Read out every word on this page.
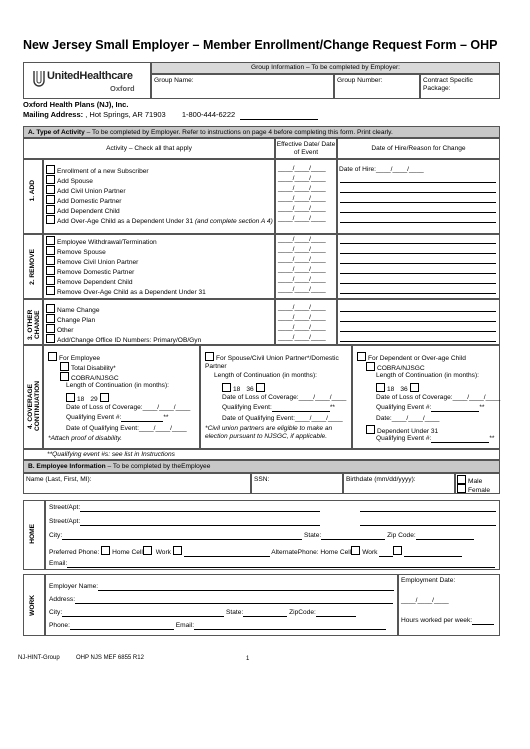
New Jersey Small Employer – Member Enrollment/Change Request Form – OHP
UnitedHealthcare
Oxford
Group Information – To be completed by Employer:
Group Name:	Group Number:	Contract Specific Package:
Oxford Health Plans (NJ), Inc.
Mailing Address: , Hot Springs, AR 71903 1-800-444-6222
A. Type of Activity – To be completed by Employer. Refer to instructions on page 4 before completing this form. Print clearly.
Activity – Check all that apply
Effective Date/ Date of Event
Date of Hire/Reason for Change
1. ADD
Enrollment of a new Subscriber	____/____/____
Add Spouse	____/____/____
Add Civil Union Partner	____/____/____
Add Domestic Partner	____/____/____
Add Dependent Child	____/____/____
Add Over-Age Child as a Dependent Under 31 (and complete section A 4) ____/____/____
Date of Hire:____/____/____
2. REMOVE
Employee Withdrawal/Termination	____/____/____
Remove Spouse	____/____/____
Remove Civil Union Partner	____/____/____
Remove Domestic Partner	____/____/____
Remove Dependent Child	____/____/____
Remove Over-Age Child as a Dependent Under 31	____/____/____
3. OTHER CHANGE	Name Change	____/____/____
Change Plan	____/____/____
Other	____/____/____
Add/Change Office ID Numbers: Primary/OB/Gyn	____/____/____
4. COVERAGE CONTINUATION
For Employee
Total Disability*
COBRA/NJSGC
Length of Continuation (in months):
18 29
Date of Loss of Coverage:____/____/____
Qualifying Event #:	**
Date of Qualifying Event:____/____/____
*Attach proof of disability.
For Spouse/Civil Union Partner*/Domestic Partner
Length of Continuation (in months):
18 36
Date of Loss of Coverage:____/____/____
Qualifying Event:	**
Date of Qualifying Event:____/____/____
*Civil union partners are eligible to make an election pursuant to NJSGC, if applicable.
For Dependent or Over-age Child
COBRA/NJSGC
Length of Continuation (in months):
18 36
Date of Loss of Coverage:____/____/____
Qualifying Event #:	**
Date:____/____/____
Dependent Under 31
Qualifying Event #:	**
**Qualifying event #s: see list in Instructions
B. Employee Information – To be completed by theEmployee
Name (Last, First, MI):	SSN:	Birthdate (mm/dd/yyyy):	Male
Female
HOME
Street/Apt:
Street/Apt:
City:	State:	Zip Code:
Preferred Phone: Home Cell Work	AlternatePhone: Home Cell Work
Email:
WORK
Employer Name:
Address:
City:	State:	ZipCode:
Phone:	Email:
Employment Date:
____/____/____
Hours worked per week:
NJ-HINT-Group	OHP NJS MEF 6855 R12	1
